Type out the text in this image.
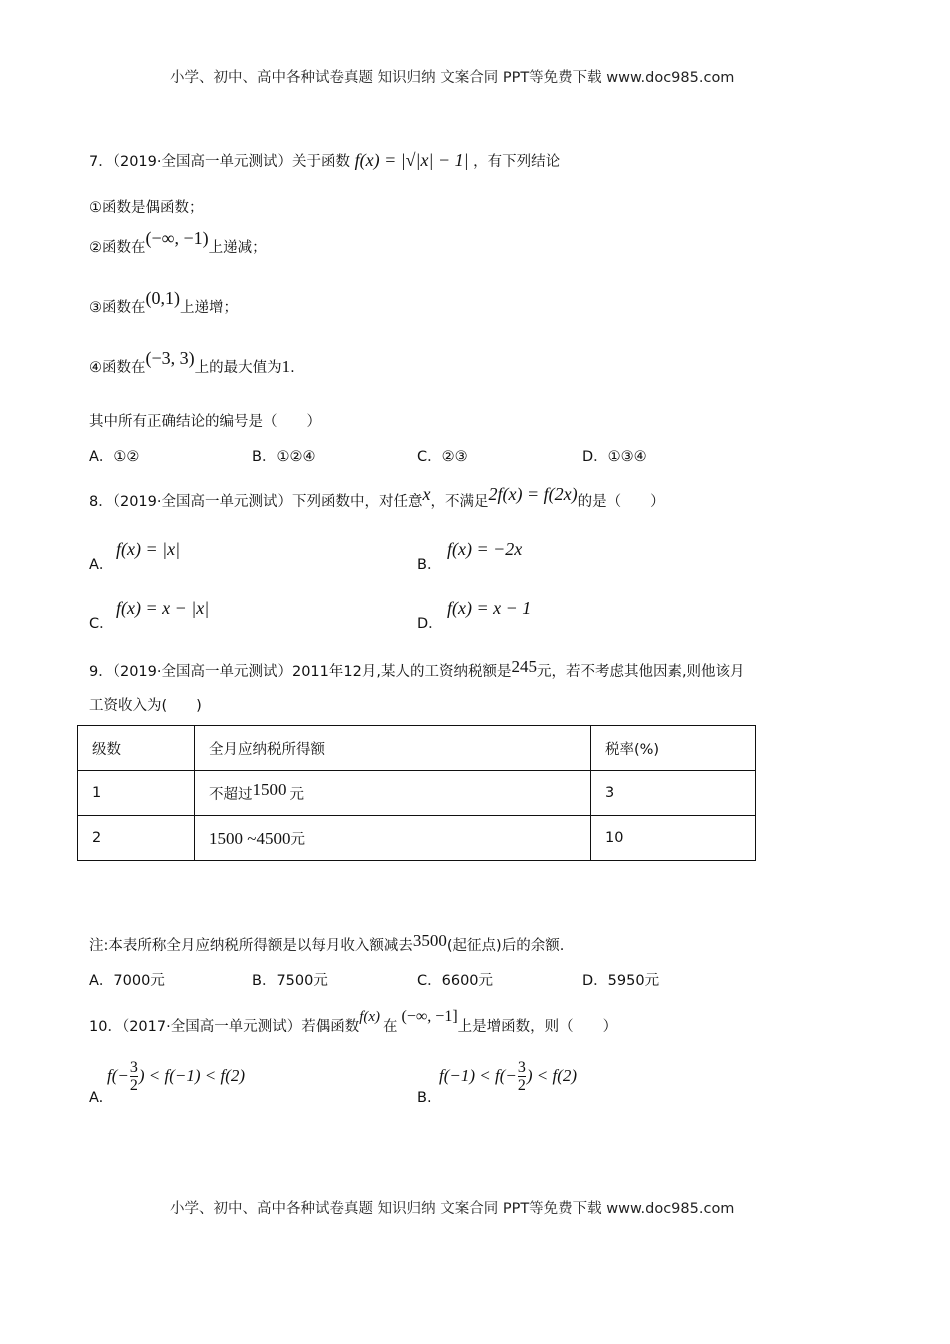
小学、初中、高中各种试卷真题 知识归纳 文案合同 PPT等免费下载 www.doc985.com
7．（2019·全国高一单元测试）关于函数 f(x) = |√|x| − 1| ，有下列结论
①函数是偶函数；
②函数在(−∞, −1)上递减；
③函数在(0,1)上递增；
④函数在(−3, 3)上的最大值为1.
其中所有正确结论的编号是（　　）
A．①②	B．①②④	C．②③	D．①③④
8．（2019·全国高一单元测试）下列函数中，对任意x，不满足2f(x) = f(2x)的是（　　）
A．
f(x) = |x|
B．
f(x) = −2x
C．
f(x) = x − |x|
D．
f(x) = x − 1
9．（2019·全国高一单元测试）2011年12月,某人的工资纳税额是245元，若不考虑其他因素,则他该月
工资收入为(　　)
级数	全月应纳税所得额	税率(%)
1	不超过1500 元	3
2	1500 ~4500元	10
注:本表所称全月应纳税所得额是以每月收入额减去3500(起征点)后的余额.
A．7000元	B．7500元	C．6600元	D．5950元
10．（2017·全国高一单元测试）若偶函数f(x)在(−∞, −1]上是增函数，则（　　）
A.
$f(- \frac{3}{2}$ ) < f(−1) < f(2)
B.
$f(-1) < f(- \frac{3}{2}$ ) < f(2)
小学、初中、高中各种试卷真题 知识归纳 文案合同 PPT等免费下载 www.doc985.com
